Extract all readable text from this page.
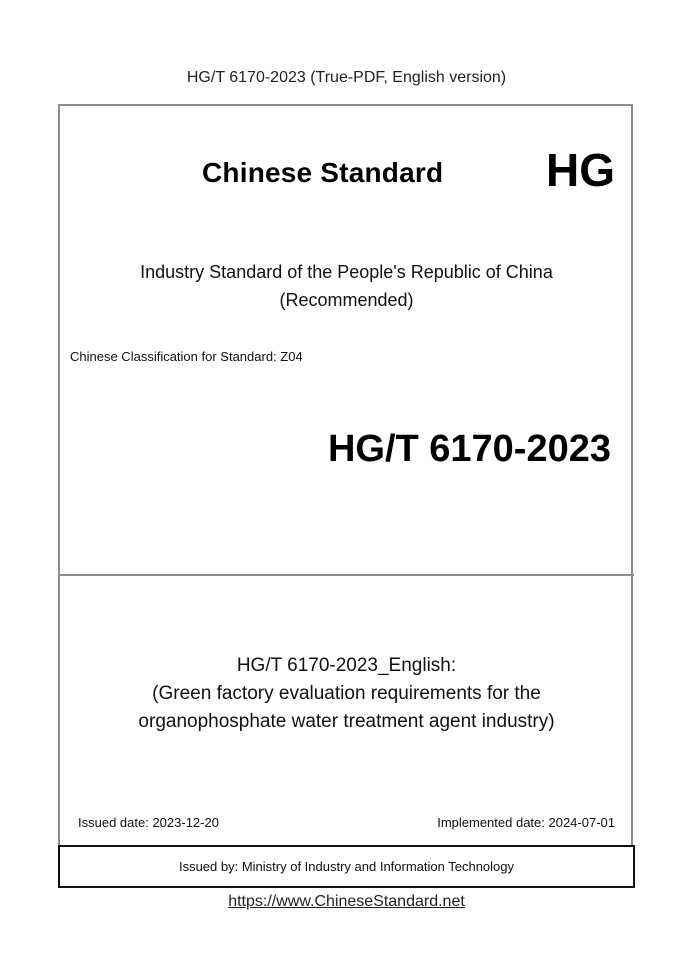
HG/T 6170-2023 (True-PDF, English version)
Chinese Standard HG
Industry Standard of the People's Republic of China
(Recommended)
Chinese Classification for Standard: Z04
HG/T 6170-2023
HG/T 6170-2023_English:
(Green factory evaluation requirements for the
organophosphate water treatment agent industry)
Issued date: 2023-12-20	Implemented date: 2024-07-01
Issued by: Ministry of Industry and Information Technology
https://www.ChineseStandard.net
